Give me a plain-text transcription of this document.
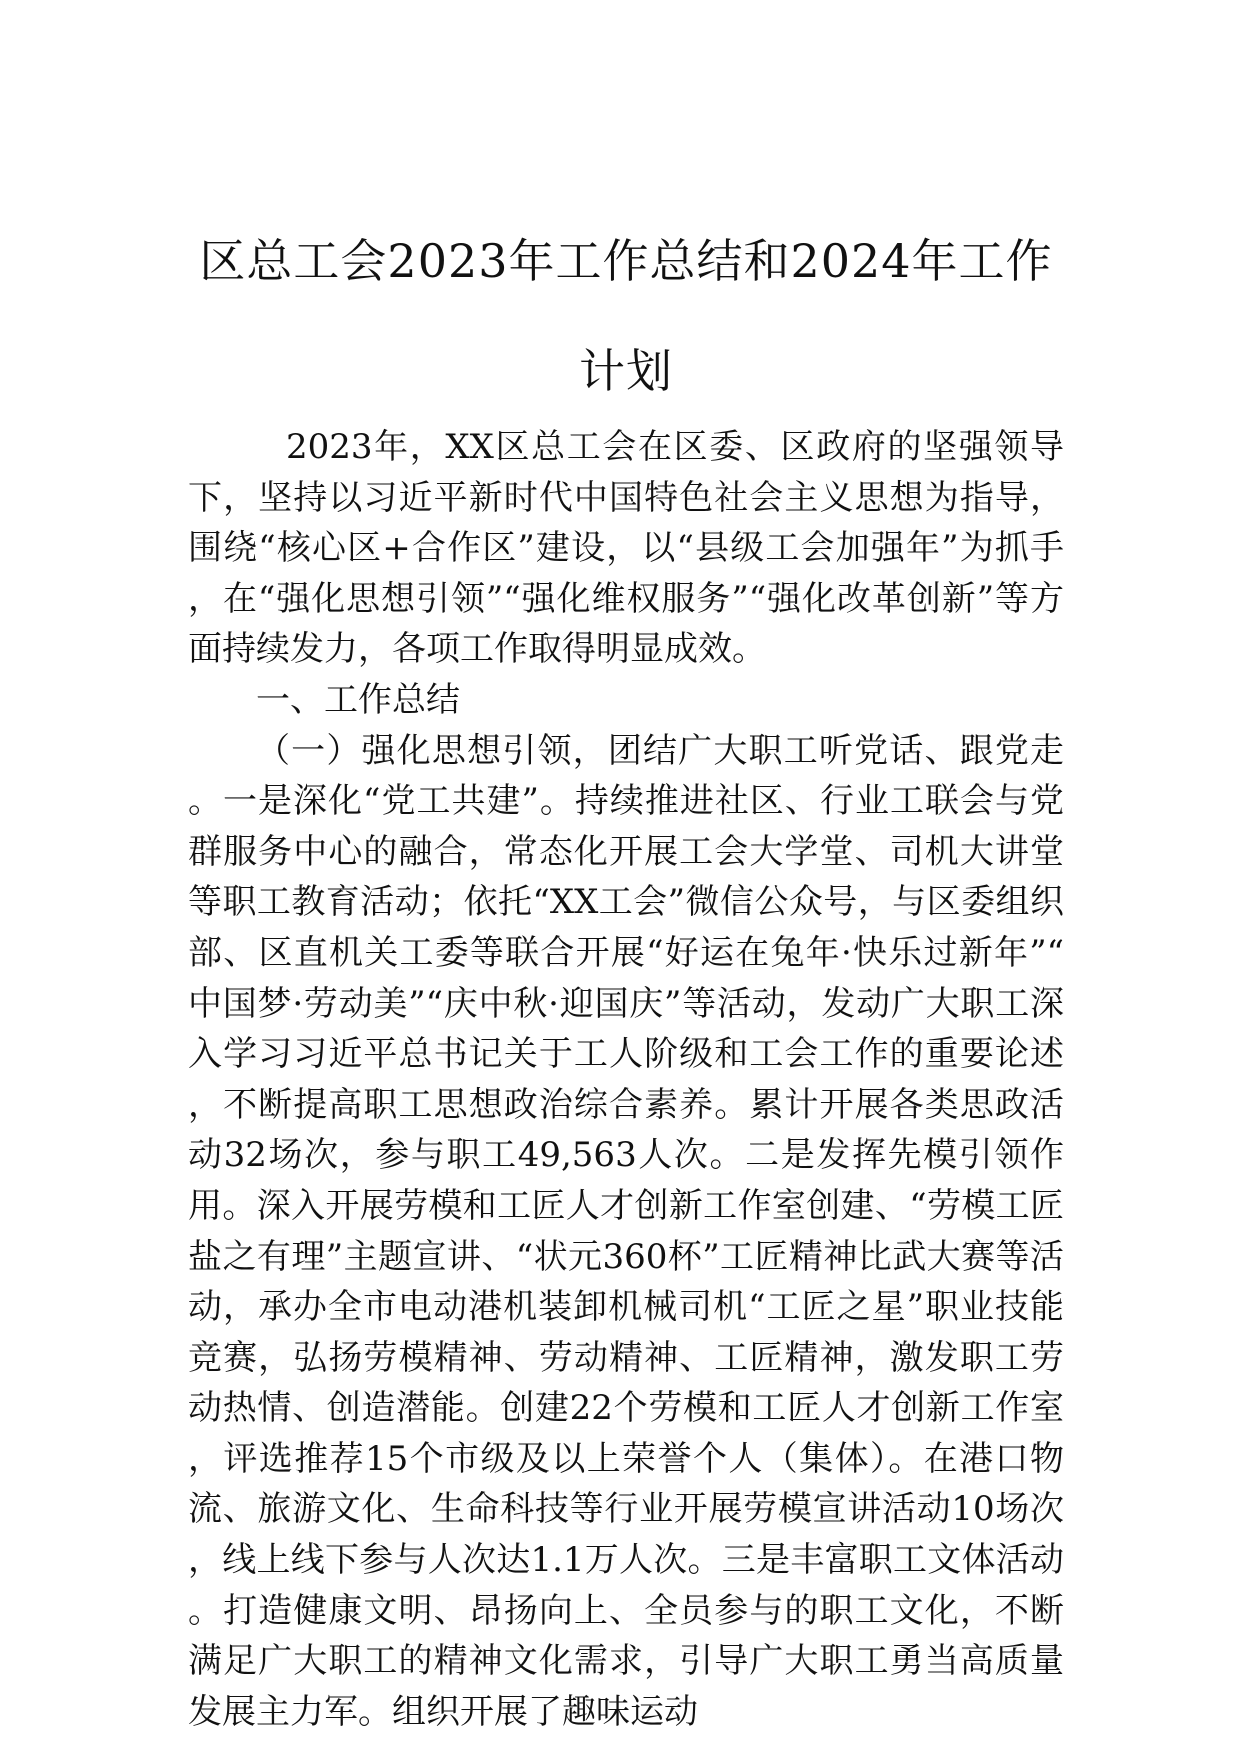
区总工会2023年工作总结和2024年工作计划

2023年，XX区总工会在区委、区政府的坚强领导下，坚持以习近平新时代中国特色社会主义思想为指导，围绕“核心区+合作区”建设，以“县级工会加强年”为抓手，在“强化思想引领”“强化维权服务”“强化改革创新”等方面持续发力，各项工作取得明显成效。

一、工作总结

（一）强化思想引领，团结广大职工听党话、跟党走。一是深化“党工共建”。持续推进社区、行业工联会与党群服务中心的融合，常态化开展工会大学堂、司机大讲堂等职工教育活动；依托“XX工会”微信公众号，与区委组织部、区直机关工委等联合开展“好运在兔年·快乐过新年”“中国梦·劳动美”“庆中秋·迎国庆”等活动，发动广大职工深入学习习近平总书记关于工人阶级和工会工作的重要论述，不断提高职工思想政治综合素养。累计开展各类思政活动32场次，参与职工49,563人次。二是发挥先模引领作用。深入开展劳模和工匠人才创新工作室创建、“劳模工匠 盐之有理”主题宣讲、“状元360杯”工匠精神比武大赛等活动，承办全市电动港机装卸机械司机“工匠之星”职业技能竞赛，弘扬劳模精神、劳动精神、工匠精神，激发职工劳动热情、创造潜能。创建22个劳模和工匠人才创新工作室，评选推荐15个市级及以上荣誉个人（集体）。在港口物流、旅游文化、生命科技等行业开展劳模宣讲活动10场次，线上线下参与人次达1.1万人次。三是丰富职工文体活动。打造健康文明、昂扬向上、全员参与的职工文化，不断满足广大职工的精神文化需求，引导广大职工勇当高质量发展主力军。组织开展了趣味运动
